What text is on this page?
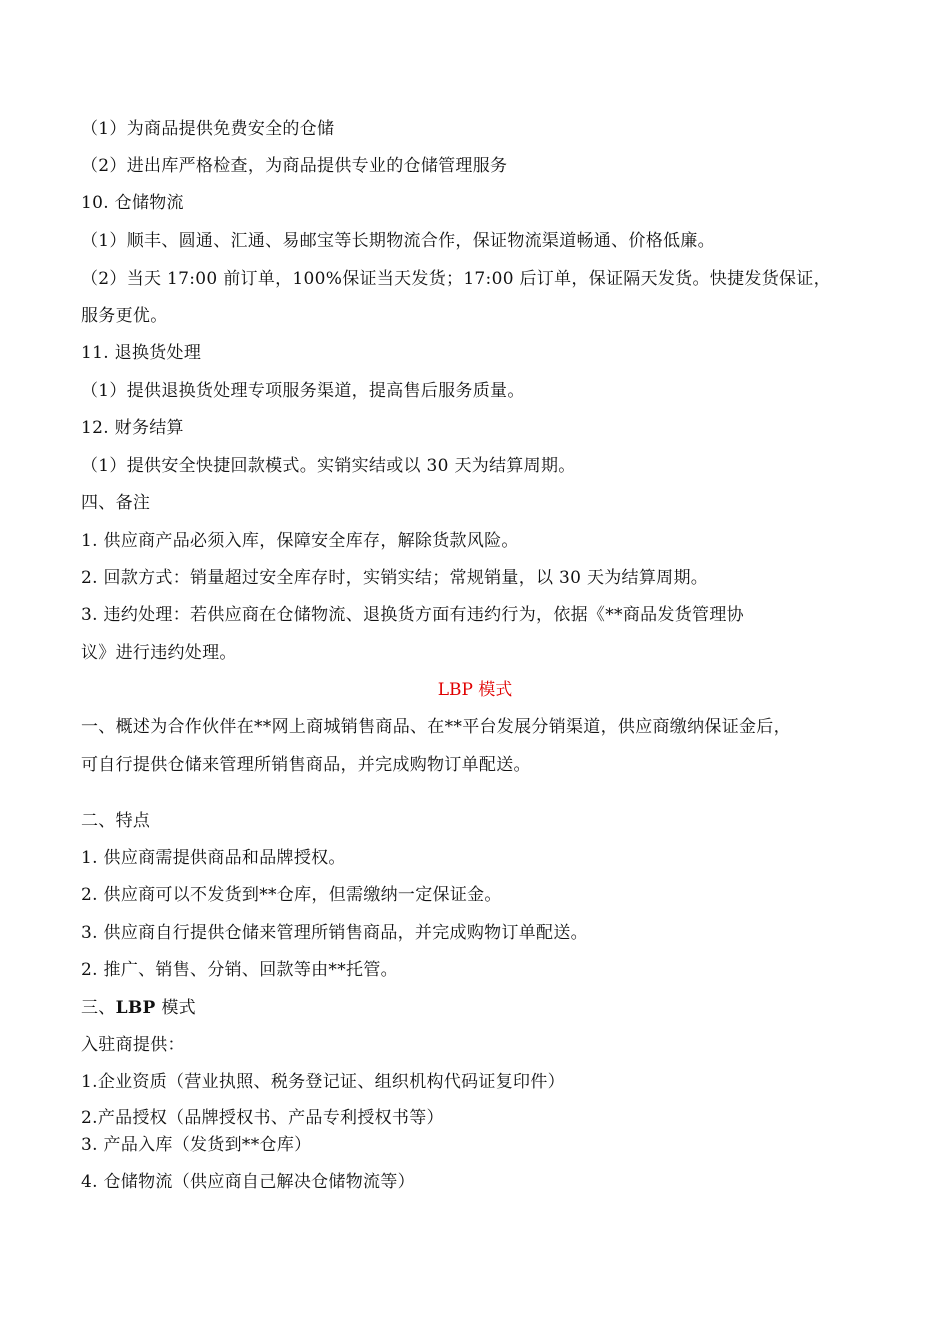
（1）为商品提供免费安全的仓储
（2）进出库严格检查，为商品提供专业的仓储管理服务
10. 仓储物流
（1）顺丰、圆通、汇通、易邮宝等长期物流合作，保证物流渠道畅通、价格低廉。
（2）当天 17:00 前订单，100%保证当天发货；17:00 后订单，保证隔天发货。快捷发货保证，
服务更优。
11. 退换货处理
（1）提供退换货处理专项服务渠道，提高售后服务质量。
12. 财务结算
（1）提供安全快捷回款模式。实销实结或以 30 天为结算周期。
四、备注
1. 供应商产品必须入库，保障安全库存，解除货款风险。
2. 回款方式：销量超过安全库存时，实销实结；常规销量，以 30 天为结算周期。
3. 违约处理：若供应商在仓储物流、退换货方面有违约行为，依据《**商品发货管理协
议》进行违约处理。
LBP 模式
一、概述为合作伙伴在**网上商城销售商品、在**平台发展分销渠道，供应商缴纳保证金后，
可自行提供仓储来管理所销售商品，并完成购物订单配送。
二、特点
1. 供应商需提供商品和品牌授权。
2. 供应商可以不发货到**仓库，但需缴纳一定保证金。
3. 供应商自行提供仓储来管理所销售商品，并完成购物订单配送。
2. 推广、销售、分销、回款等由**托管。
三、LBP 模式
入驻商提供：
1.企业资质（营业执照、税务登记证、组织机构代码证复印件）
2.产品授权（品牌授权书、产品专利授权书等）
3. 产品入库（发货到**仓库）
4. 仓储物流（供应商自己解决仓储物流等）
